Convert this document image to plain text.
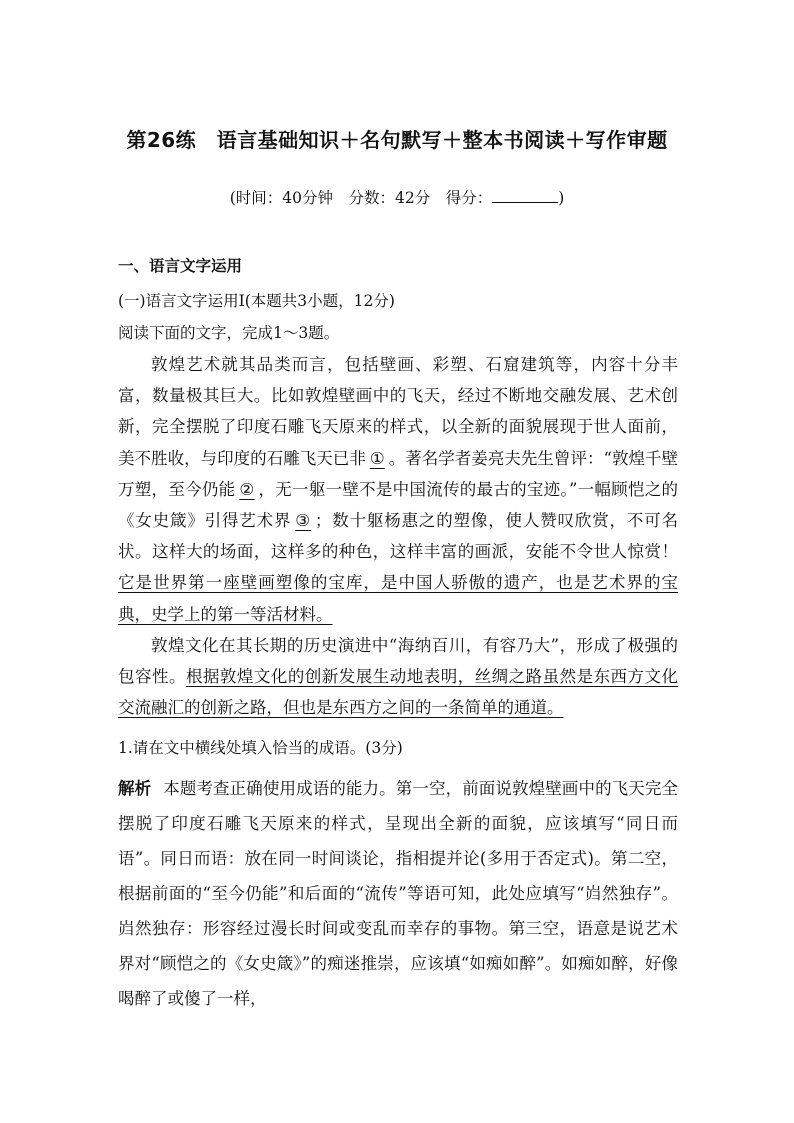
第26练　语言基础知识＋名句默写＋整本书阅读＋写作审题
(时间：40分钟　分数：42分　得分：	)
一、语言文字运用
(一)语言文字运用Ⅰ(本题共3小题，12分)
阅读下面的文字，完成1～3题。

敦煌艺术就其品类而言，包括壁画、彩塑、石窟建筑等，内容十分丰富，数量极其巨大。比如敦煌壁画中的飞天，经过不断地交融发展、艺术创新，完全摆脱了印度石雕飞天原来的样式，以全新的面貌展现于世人面前，美不胜收，与印度的石雕飞天已非 ① 。著名学者姜亮夫先生曾评：“敦煌千壁万塑，至今仍能 ② ，无一躯一壁不是中国流传的最古的宝迹。”一幅顾恺之的《女史箴》引得艺术界 ③ ；数十躯杨惠之的塑像，使人赞叹欣赏，不可名状。这样大的场面，这样多的种色，这样丰富的画派，安能不令世人惊赏！它是世界第一座壁画塑像的宝库，是中国人骄傲的遗产，也是艺术界的宝典，史学上的第一等活材料。

敦煌文化在其长期的历史演进中“海纳百川，有容乃大”，形成了极强的包容性。根据敦煌文化的创新发展生动地表明，丝绸之路虽然是东西方文化交流融汇的创新之路，但也是东西方之间的一条简单的通道。

1.请在文中横线处填入恰当的成语。(3分)
解析 本题考查正确使用成语的能力。第一空，前面说敦煌壁画中的飞天完全摆脱了印度石雕飞天原来的样式，呈现出全新的面貌，应该填写“同日而语”。同日而语：放在同一时间谈论，指相提并论(多用于否定式)。第二空，根据前面的“至今仍能”和后面的“流传”等语可知，此处应填写“岿然独存”。岿然独存：形容经过漫长时间或变乱而幸存的事物。第三空，语意是说艺术界对“顾恺之的《女史箴》”的痴迷推崇，应该填“如痴如醉”。如痴如醉，好像喝醉了或傻了一样，
